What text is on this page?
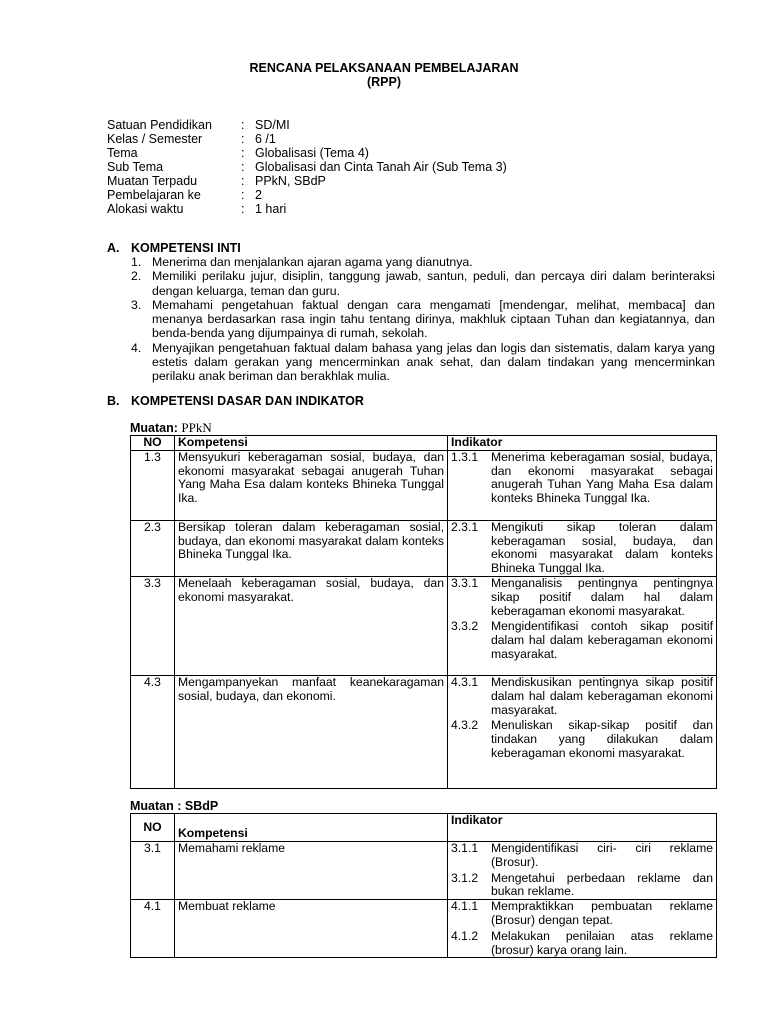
RENCANA PELAKSANAAN PEMBELAJARAN
(RPP)
Satuan Pendidikan	:	SD/MI
Kelas / Semester	:	6 /1
Tema	:	Globalisasi (Tema 4)
Sub Tema	:	Globalisasi dan Cinta Tanah Air (Sub Tema 3)
Muatan Terpadu	:	PPkN, SBdP
Pembelajaran ke	:	2
Alokasi waktu	:	1 hari
A. KOMPETENSI INTI
1. Menerima dan menjalankan ajaran agama yang dianutnya.
2. Memiliki perilaku jujur, disiplin, tanggung jawab, santun, peduli, dan percaya diri dalam berinteraksi dengan keluarga, teman dan guru.
3. Memahami pengetahuan faktual dengan cara mengamati [mendengar, melihat, membaca] dan menanya berdasarkan rasa ingin tahu tentang dirinya, makhluk ciptaan Tuhan dan kegiatannya, dan benda-benda yang dijumpainya di rumah, sekolah.
4. Menyajikan pengetahuan faktual dalam bahasa yang jelas dan logis dan sistematis, dalam karya yang estetis dalam gerakan yang mencerminkan anak sehat, dan dalam tindakan yang mencerminkan perilaku anak beriman dan berakhlak mulia.
B. KOMPETENSI DASAR DAN INDIKATOR
Muatan: PPkN
NO	Kompetensi	Indikator
1.3	Mensyukuri keberagaman sosial, budaya, dan ekonomi masyarakat sebagai anugerah Tuhan Yang Maha Esa dalam konteks Bhineka Tunggal Ika.	1.3.1 Menerima keberagaman sosial, budaya, dan ekonomi masyarakat sebagai anugerah Tuhan Yang Maha Esa dalam konteks Bhineka Tunggal Ika.

2.3	Bersikap toleran dalam keberagaman sosial, budaya, dan ekonomi masyarakat dalam konteks Bhineka Tunggal Ika.	2.3.1 Mengikuti sikap toleran dalam keberagaman sosial, budaya, dan ekonomi masyarakat dalam konteks Bhineka Tunggal Ika.

3.3	Menelaah keberagaman sosial, budaya, dan ekonomi masyarakat.	3.3.1 Menganalisis pentingnya pentingnya sikap positif dalam hal dalam keberagaman ekonomi masyarakat.
3.3.2 Mengidentifikasi contoh sikap positif dalam hal dalam keberagaman ekonomi masyarakat.

4.3	Mengampanyekan manfaat keanekaragaman sosial, budaya, dan ekonomi.	4.3.1 Mendiskusikan pentingnya sikap positif dalam hal dalam keberagaman ekonomi masyarakat.
4.3.2 Menuliskan sikap-sikap positif dan tindakan yang dilakukan dalam keberagaman ekonomi masyarakat.
Muatan : SBdP
NO	Kompetensi	Indikator
3.1	Memahami reklame	3.1.1 Mengidentifikasi ciri- ciri reklame (Brosur).
3.1.2 Mengetahui perbedaan reklame dan bukan reklame.

4.1	Membuat reklame	4.1.1 Mempraktikkan pembuatan reklame (Brosur) dengan tepat.
4.1.2 Melakukan penilaian atas reklame (brosur) karya orang lain.
